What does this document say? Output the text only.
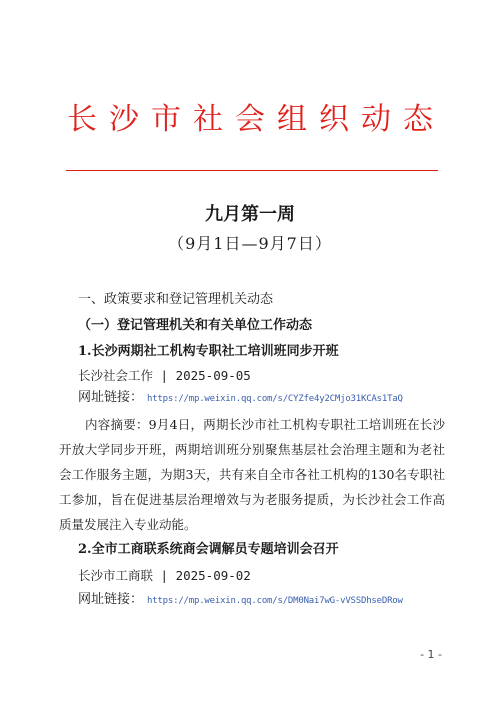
长沙市社会组织动态
九月第一周
（9月1日—9月7日）
一、政策要求和登记管理机关动态
（一）登记管理机关和有关单位工作动态
1.长沙两期社工机构专职社工培训班同步开班
长沙社会工作 | 2025-09-05
网址链接： https://mp.weixin.qq.com/s/CYZfe4y2CMjo31KCAs1TaQ
内容摘要：9月4日，两期长沙市社工机构专职社工培训班在长沙开放大学同步开班，两期培训班分别聚焦基层社会治理主题和为老社会工作服务主题，为期3天，共有来自全市各社工机构的130名专职社工参加，旨在促进基层治理增效与为老服务提质，为长沙社会工作高质量发展注入专业动能。
2.全市工商联系统商会调解员专题培训会召开
长沙市工商联 | 2025-09-02
网址链接： https://mp.weixin.qq.com/s/DM0Nai7wG-vVSSDhseDRow
- 1 -
